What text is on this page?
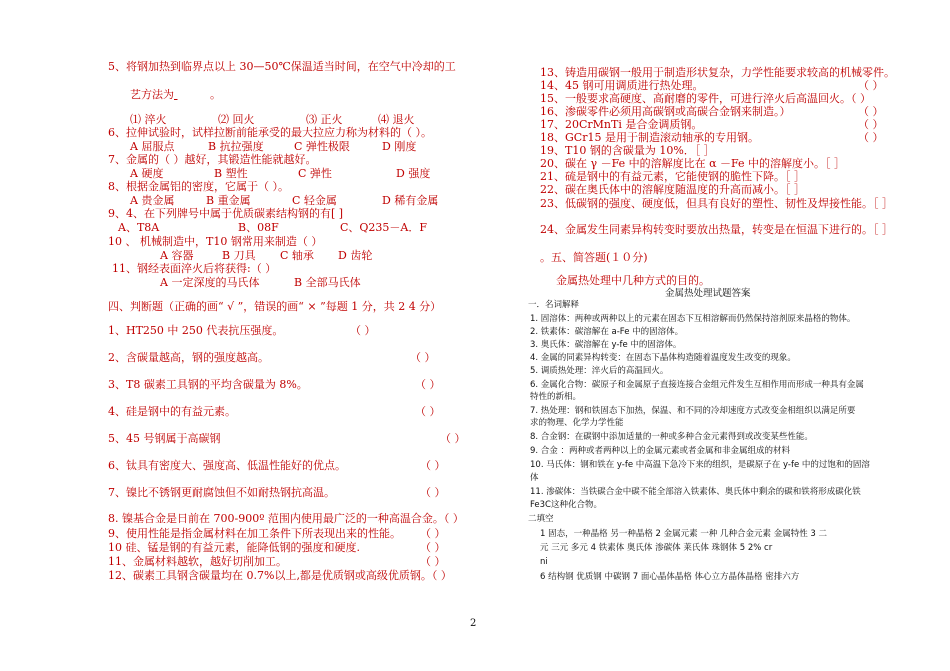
5、将钢加热到临界点以上 30—50℃保温适当时间，在空气中冷却的工
艺方法为	。
⑴ 淬火	⑵ 回火	⑶ 正火	⑷ 退火
6、拉伸试验时，试样拉断前能承受的最大拉应力称为材料的（ ）。
A 屈服点	B 抗拉强度	C 弹性极限	D 刚度
7、金属的（ ）越好，其锻造性能就越好。
A 硬度	B 塑性	C 弹性	D 强度
8、根据金属铝的密度，它属于（ ）。
A 贵金属	B 重金属	C 轻金属	D 稀有金属
9、4、在下列牌号中属于优质碳素结构钢的有[ ]
A、T8A	B、08F	C、Q235－A．F
10 、 机械制造中，T10 钢常用来制造（ ）
A 容器	B 刀具 C 轴承 D 齿轮
11、钢经表面淬火后将获得:（ ）
A 一定深度的马氏体	B 全部马氏体
四、判断题（正确的画“ √ ”，错误的画“ × ”每题 1 分，共 2 4 分）
1、HT250 中 250 代表抗压强度。	（ ）
2、含碳量越高，钢的强度越高。	（ ）
3、T8 碳素工具钢的平均含碳量为 8%。	（ ）
4、硅是钢中的有益元素。	（ ）
5、45 号钢属于高碳钢	（ ）
6、钛具有密度大、强度高、低温性能好的优点。	（ ）
7、镍比不锈钢更耐腐蚀但不如耐热钢抗高温。	（ ）
8. 镍基合金是日前在 700-900º 范围内使用最广泛的一种高温合金。（ ）
9、使用性能是指金属材料在加工条件下所表现出来的性能。 （ ）
10 硅、锰是钢的有益元素，能降低钢的强度和硬度.	（ ）
11、金属材料越软，越好切削加工。	（ ）
12、碳素工具钢含碳量均在 0.7%以上,都是优质钢或高级优质钢。（ ）
13、铸造用碳钢一般用于制造形状复杂，力学性能要求较高的机械零件。
14、45 钢可用调质进行热处理。	（ ）
15、一般要求高硬度、高耐磨的零件，可进行淬火后高温回火。（ ）
16、渗碳零件必须用高碳钢或高碳合金钢来制造。）	（ ）
17、20CrMnTi 是合金调质钢。	（ ）
18、GCr15 是用于制造滚动轴承的专用钢。	（ ）
19、T10 钢的含碳量为 10%．［ ］
20、碳在 γ －Fe 中的溶解度比在 α －Fe 中的溶解度小。［ ］
21、硫是钢中的有益元素，它能使钢的脆性下降。［ ］
22、碳在奥氏体中的溶解度随温度的升高而减小。［ ］
23、低碳钢的强度、硬度低，但具有良好的塑性、韧性及焊接性能。［ ］
24、金属发生同素异构转变时要放出热量，转变是在恒温下进行的。［ ］
。五、简答题(１０分)
金属热处理中几种方式的目的。
金属热处理试题答案
一．名词解释
1. 固溶体：两种或两种以上的元素在固态下互相溶解而仍然保持溶剂原来晶格的物体。
2. 铁素体：碳溶解在 a-Fe 中的固溶体。
3. 奥氏体：碳溶解在 y-fe 中的固溶体。
4. 金属的同素异构转变：在固态下晶体构造随着温度发生改变的现象。
5. 调质热处理：淬火后的高温回火。
6. 金属化合物：碳原子和金属原子直接连接合金组元件发生互相作用而形成一种具有金属
特性的新相。
7. 热处理：钢和铁固态下加热，保温、和不同的冷却速度方式改变金相组织以满足所要
求的物理、化学力学性能
8. 合金钢：在碳钢中添加适量的一种或多种合金元素得到或改变某些性能。
9. 合金 ：两种或者两种以上的金属元素或者金属和非金属组成的材料
10. 马氏体：钢和铁在 y-fe 中高温下急冷下来的组织，是碳原子在 y-fe 中的过饱和的固溶
体
11. 渗碳体：当铁碳合金中碳不能全部溶入铁素体、奥氏体中剩余的碳和铁将形成碳化铁
Fe3C这种化合物。
二填空
1 固态，一种晶格 另一种晶格 2 金属元素 一种 几种合金元素 金属特性 3 二
元 三元 多元 4 铁素体 奥氏体 渗碳体 莱氏体 珠钢体 5 2% cr
ni
6 结构钢 优质钢 中碳钢 7 面心晶体晶格 体心立方晶体晶格 密排六方
2
